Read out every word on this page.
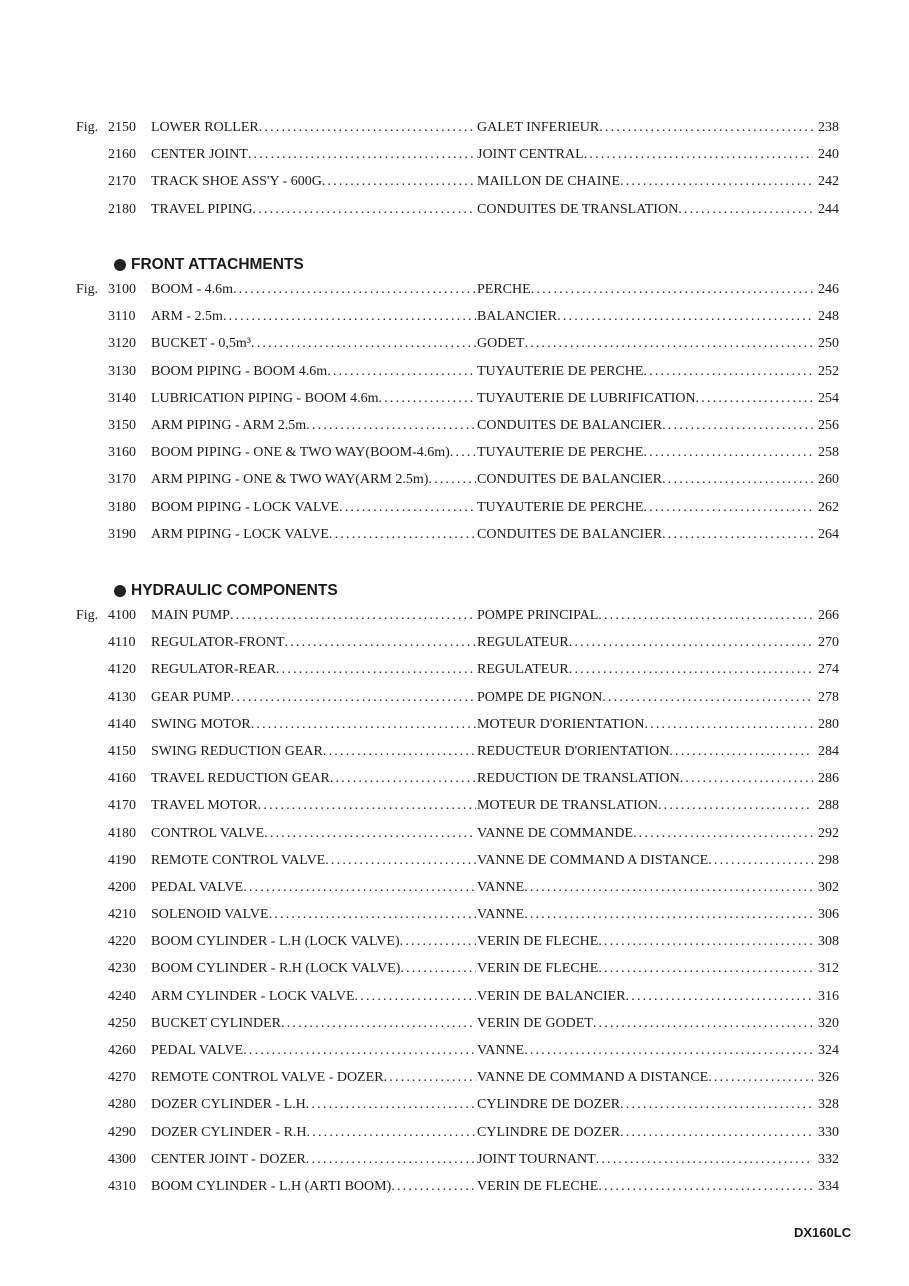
Fig. 2150 LOWER ROLLER .....	GALET INFERIEUR .....	238
2160 CENTER JOINT .....	JOINT CENTRAL .....	240
2170 TRACK SHOE ASS'Y - 600G .....	MAILLON DE CHAINE .....	242
2180 TRAVEL PIPING .....	CONDUITES DE TRANSLATION .....	244
FRONT ATTACHMENTS
Fig. 3100 BOOM - 4.6m .....	PERCHE .....	246
3110 ARM - 2.5m .....	BALANCIER .....	248
3120 BUCKET - 0,5m³ .....	GODET .....	250
3130 BOOM PIPING - BOOM 4.6m .....	TUYAUTERIE DE PERCHE .....	252
3140 LUBRICATION PIPING - BOOM 4.6m .....	TUYAUTERIE DE LUBRIFICATION .....	254
3150 ARM PIPING - ARM 2.5m .....	CONDUITES DE BALANCIER .....	256
3160 BOOM PIPING - ONE & TWO WAY(BOOM-4.6m) ..... TUYAUTERIE DE PERCHE .....	258
3170 ARM PIPING - ONE & TWO WAY(ARM 2.5m) .....	CONDUITES DE BALANCIER .....	260
3180 BOOM PIPING - LOCK VALVE .....	TUYAUTERIE DE PERCHE .....	262
3190 ARM PIPING - LOCK VALVE .....	CONDUITES DE BALANCIER .....	264
HYDRAULIC COMPONENTS
Fig. 4100 MAIN PUMP .....	POMPE PRINCIPAL .....	266
4110 REGULATOR-FRONT .....	REGULATEUR .....	270
4120 REGULATOR-REAR .....	REGULATEUR .....	274
4130 GEAR PUMP .....	POMPE DE PIGNON .....	278
4140 SWING MOTOR .....	MOTEUR D'ORIENTATION .....	280
4150 SWING REDUCTION GEAR .....	REDUCTEUR D'ORIENTATION .....	284
4160 TRAVEL REDUCTION GEAR .....	REDUCTION DE TRANSLATION .....	286
4170 TRAVEL MOTOR .....	MOTEUR DE TRANSLATION .....	288
4180 CONTROL VALVE .....	VANNE DE COMMANDE .....	292
4190 REMOTE CONTROL VALVE .....	VANNE DE COMMAND A DISTANCE .....	298
4200 PEDAL VALVE .....	VANNE .....	302
4210 SOLENOID VALVE .....	VANNE .....	306
4220 BOOM CYLINDER - L.H (LOCK VALVE) .....	VERIN DE FLECHE .....	308
4230 BOOM CYLINDER - R.H (LOCK VALVE) .....	VERIN DE FLECHE .....	312
4240 ARM CYLINDER - LOCK VALVE .....	VERIN DE BALANCIER .....	316
4250 BUCKET CYLINDER .....	VERIN DE GODET .....	320
4260 PEDAL VALVE .....	VANNE .....	324
4270 REMOTE CONTROL VALVE - DOZER .....	VANNE DE COMMAND A DISTANCE .....	326
4280 DOZER CYLINDER - L.H .....	CYLINDRE DE DOZER .....	328
4290 DOZER CYLINDER - R.H .....	CYLINDRE DE DOZER .....	330
4300 CENTER JOINT - DOZER .....	JOINT TOURNANT .....	332
4310 BOOM CYLINDER - L.H (ARTI BOOM) .....	VERIN DE FLECHE .....	334
DX160LC
